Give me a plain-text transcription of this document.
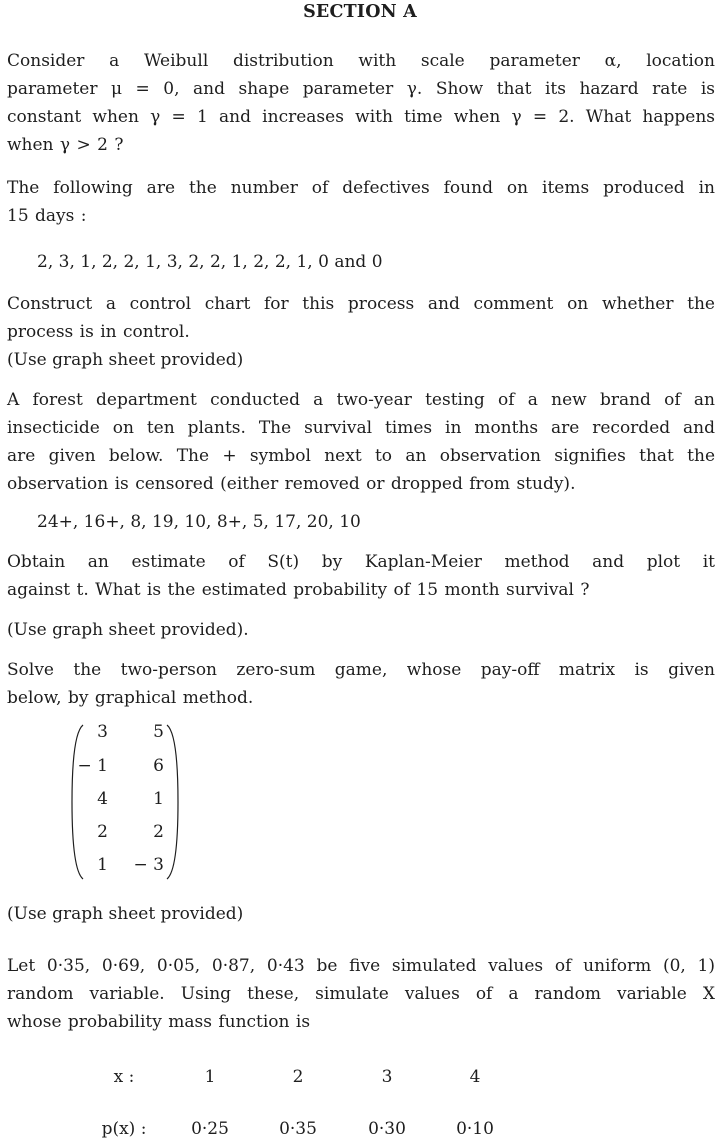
SECTION A
Consider a Weibull distribution with scale parameter α, location
parameter μ = 0, and shape parameter γ. Show that its hazard rate is
constant when γ = 1 and increases with time when γ = 2. What happens
when γ > 2 ?
The following are the number of defectives found on items produced in
15 days :
2, 3, 1, 2, 2, 1, 3, 2, 2, 1, 2, 2, 1, 0 and 0
Construct a control chart for this process and comment on whether the
process is in control.
(Use graph sheet provided)
A forest department conducted a two-year testing of a new brand of an
insecticide on ten plants. The survival times in months are recorded and
are given below. The + symbol next to an observation signifies that the
observation is censored (either removed or dropped from study).
24+, 16+, 8, 19, 10, 8+, 5, 17, 20, 10
Obtain an estimate of S(t) by Kaplan-Meier method and plot it
against t. What is the estimated probability of 15 month survival ?
(Use graph sheet provided).
Solve the two-person zero-sum game, whose pay-off matrix is given
below, by graphical method.
3	5
− 1	6
4	1
2	2
1 − 3
(Use graph sheet provided)
Let 0·35, 0·69, 0·05, 0·87, 0·43 be five simulated values of uniform (0, 1)
random variable. Using these, simulate values of a random variable X
whose probability mass function is
x :	1	2	3	4
p(x) :	0·25	0·35	0·30	0·10
